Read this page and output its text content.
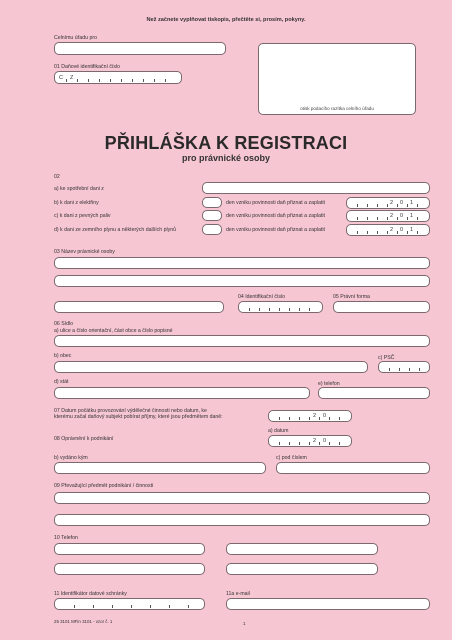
Než začnete vyplňovat tiskopis, přečtěte si, prosím, pokyny.
Celnímu úřadu pro
01 Daňové identifikační číslo
C Z
otisk podacího razítka celního úřadu
PŘIHLÁŠKA K REGISTRACI
pro právnické osoby
02
a) ke spotřební dani z
b) k dani z elektřiny	den vzniku povinnosti daň přiznat a zaplatit	2 0 1
c) k dani z pevných paliv	den vzniku povinnosti daň přiznat a zaplatit	2 0 1
d) k dani ze zemního plynu a některých dalších plynů	den vzniku povinnosti daň přiznat a zaplatit	2 0 1
03 Název právnické osoby
04 Identifikační číslo	05 Právní forma
06 Sídlo
a) ulice a číslo orientační, část obce a číslo popisné
b) obec	c) PSČ
d) stát	e) telefon
07 Datum počátku provozování výdělečné činnosti nebo datum, ke
kterému začal daňový subjekt pobírat příjmy, které jsou předmětem daně:	2 0
08 Oprávnění k podnikání
a) datum
2 0
b) vydáno kým	c) pod číslem
09 Převažující předmět podnikání / činnosti
10 Telefon
11 Identifikátor datové schránky	11a e-mail
25 3101 MFin 3101 - vzor č. 1	1
